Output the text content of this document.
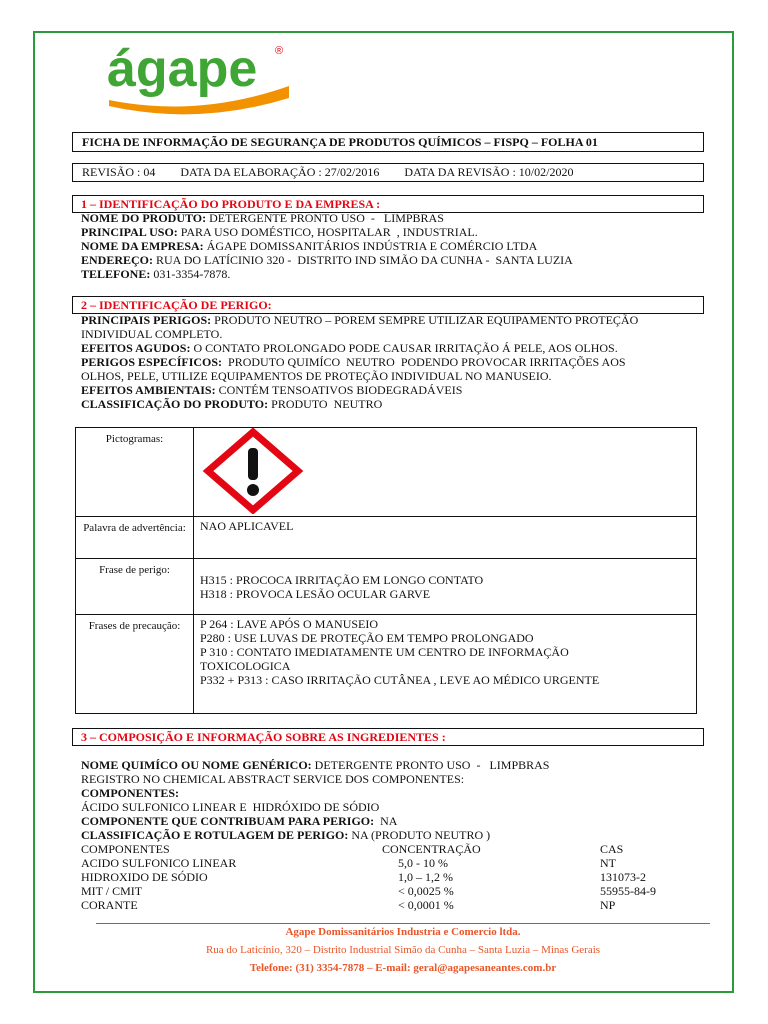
ágape ®
FICHA DE INFORMAÇÃO DE SEGURANÇA DE PRODUTOS QUÍMICOS – FISPQ – FOLHA 01
REVISÃO : 04 DATA DA ELABORAÇÃO : 27/02/2016 DATA DA REVISÃO : 10/02/2020
1 – IDENTIFICAÇÃO DO PRODUTO E DA EMPRESA :
NOME DO PRODUTO: DETERGENTE PRONTO USO  -   LIMPBRAS
PRINCIPAL USO: PARA USO DOMÉSTICO, HOSPITALAR  , INDUSTRIAL.
NOME DA EMPRESA: ÁGAPE DOMISSANITÁRIOS INDÚSTRIA E COMÉRCIO LTDA
ENDEREÇO: RUA DO LATÍCINIO 320 -  DISTRITO IND SIMÃO DA CUNHA -  SANTA LUZIA
TELEFONE: 031-3354-7878.
2 – IDENTIFICAÇÃO DE PERIGO:
PRINCIPAIS PERIGOS: PRODUTO NEUTRO – POREM SEMPRE UTILIZAR EQUIPAMENTO PROTEÇÃO
INDIVIDUAL COMPLETO.
EFEITOS AGUDOS: O CONTATO PROLONGADO PODE CAUSAR IRRITAÇÃO Á PELE, AOS OLHOS.
PERIGOS ESPECÍFICOS:  PRODUTO QUIMÍCO  NEUTRO  PODENDO PROVOCAR IRRITAÇÕES AOS
OLHOS, PELE, UTILIZE EQUIPAMENTOS DE PROTEÇÃO INDIVIDUAL NO MANUSEIO.
EFEITOS AMBIENTAIS: CONTÉM TENSOATIVOS BIODEGRADÁVEIS
CLASSIFICAÇÃO DO PRODUTO: PRODUTO  NEUTRO
Pictogramas:	

Palavra de advertência:	NAO APLICAVEL
Frase de perigo:	H315 : PROCOCA IRRITAÇÃO EM LONGO CONTATO
H318 : PROVOCA LESÃO OCULAR GARVE

Frases de precaução:	P 264 : LAVE APÓS O MANUSEIO
P280 : USE LUVAS DE PROTEÇÃO EM TEMPO PROLONGADO
P 310 : CONTATO IMEDIATAMENTE UM CENTRO DE INFORMAÇÃO
TOXICOLOGICA
P332 + P313 : CASO IRRITAÇÃO CUTÂNEA , LEVE AO MÉDICO URGENTE
3 – COMPOSIÇÃO E INFORMAÇÃO SOBRE AS INGREDIENTES :
NOME QUIMÍCO OU NOME GENÉRICO: DETERGENTE PRONTO USO  -   LIMPBRAS
REGISTRO NO CHEMICAL ABSTRACT SERVICE DOS COMPONENTES:
COMPONENTES:
ÁCIDO SULFONICO LINEAR E  HIDRÓXIDO DE SÓDIO
COMPONENTE QUE CONTRIBUAM PARA PERIGO:  NA
CLASSIFICAÇÃO E ROTULAGEM DE PERIGO: NA (PRODUTO NEUTRO )
COMPONENTES	CONCENTRAÇÃO	CAS
ACIDO SULFONICO LINEAR	5,0 - 10 %	NT
HIDROXIDO DE SÓDIO	1,0 – 1,2 %	131073-2
MIT / CMIT	< 0,0025 %	55955-84-9
CORANTE	< 0,0001 %	NP
Agape Domissanitários Industria e Comercio ltda.
Rua do Laticínio, 320 – Distrito Industrial Simão da Cunha – Santa Luzia – Minas Gerais
Telefone: (31) 3354-7878 – E-mail: geral@agapesaneantes.com.br
